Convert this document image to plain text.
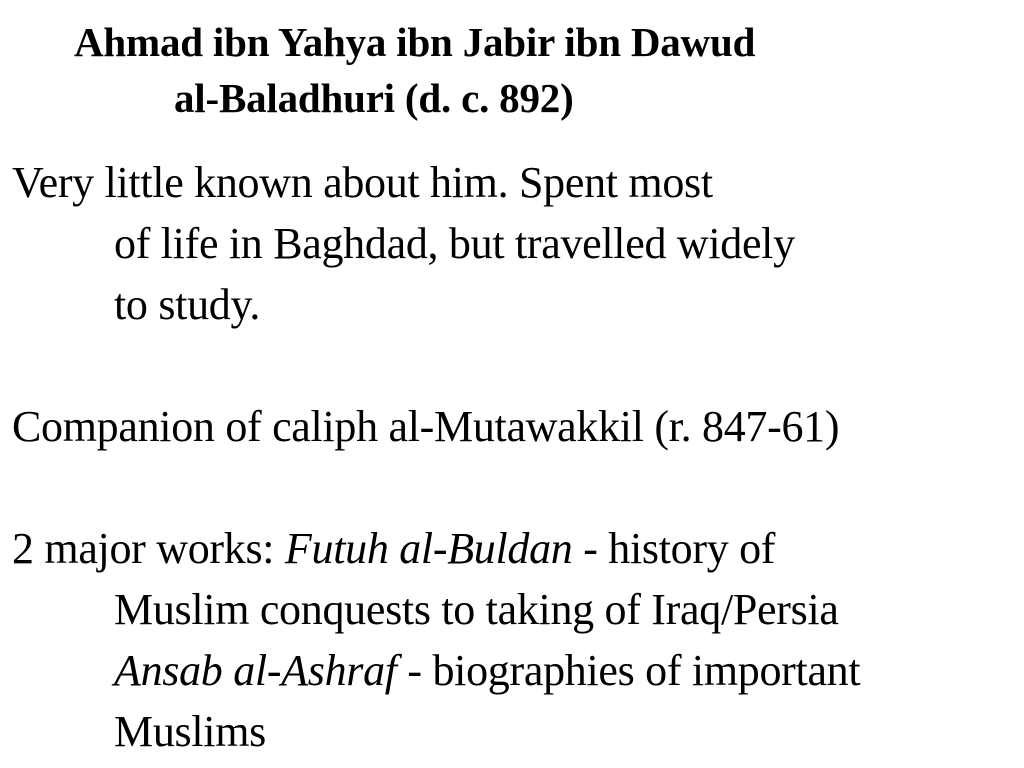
Ahmad ibn Yahya ibn Jabir ibn Dawud
al-Baladhuri (d. c. 892)
Very little known about him. Spent most
of life in Baghdad, but travelled widely
to study.
Companion of caliph al-Mutawakkil (r. 847-61)
2 major works: Futuh al-Buldan - history of
Muslim conquests to taking of Iraq/Persia
Ansab al-Ashraf - biographies of important
Muslims
